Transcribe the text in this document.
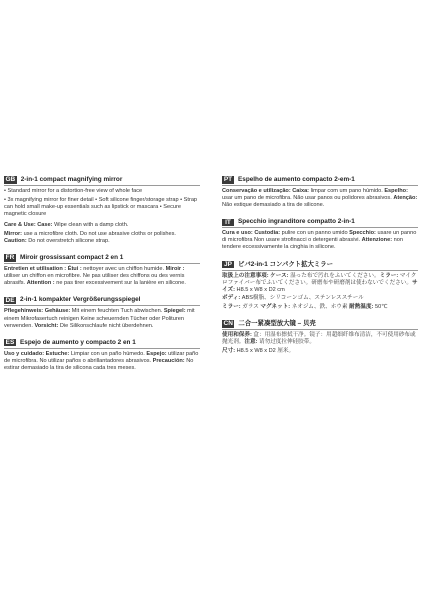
GB 2-in-1 compact magnifying mirror

• Standard mirror for a distortion-free view of whole face

• 3x magnifying mirror for finer detail • Soft silicone finger/storage strap • Strap can hold small make-up essentials such as lipstick or mascara • Secure magnetic closure

Care & Use: Case: Wipe clean with a damp cloth.

Mirror: use a microfibre cloth. Do not use abrasive cloths or polishes. Caution: Do not overstretch silicone strap.

FR Miroir grossissant compact 2 en 1

Entretien et utilisation : Étui : nettoyer avec un chiffon humide. Miroir : utiliser un chiffon en microfibre. Ne pas utiliser des chiffons ou des vernis abrasifs. Attention : ne pas tirer excessivement sur la lanière en silicone.

DE 2-in-1 kompakter Vergrößerungsspiegel

Pflegehinweis: Gehäuse: Mit einem feuchten Tuch abwischen. Spiegel: mit einem Mikrofasertuch reinigen Keine scheuernden Tücher oder Polituren verwenden. Vorsicht: Die Silikonschlaufe nicht überdehnen.

ES Espejo de aumento y compacto 2 en 1

Uso y cuidado: Estuche: Limpiar con un paño húmedo. Espejo: utilizar paño de microfibra. No utilizar paños o abrillantadores abrasivos. Precaución: No estirar demasiado la tira de silicona cada tres meses.

PT Espelho de aumento compacto 2-em-1

Conservação e utilização: Caixa: limpar com um pano húmido. Espelho: usar um pano de microfibra. Não usar panos ou polidores abrasivos. Atenção: Não estique demasiado a tira de silicone.

IT	Specchio ingranditore compatto 2-in-1

Cura e uso: Custodia: pulire con un panno umido Specchio: usare un panno di microfibra Non usare strofinacci o detergenti abrasivi. Attenzione: non tendere eccessivamente la cinghia in silicone.

JP ピバ2-in-1 コンパクト拡大ミラー

取扱上の注意事項: ケース: 湿った布で汚れをふいてください。ミラー: マイクロファイバー布でふいてください。研磨布や研磨剤は使わないでください。サイズ: H8.5 x W8 x D2 cm

ボディ: ABS樹脂、シリコーンゴム、ステンレススチール

ミラー: ガラス マグネット: ネオジム、鉄、ホウ素 耐熱温度: 50℃

CN 二合一紧凑型放大镜 – 贝壳

使用和保养: 盒：用湿布擦拭干净。镜子：用超细纤维布清洁，不可使用砂布或抛光剂。注意: 请勿过度拉伸硅胶带。

尺寸: H8.5 x W8 x D2 厘米。
